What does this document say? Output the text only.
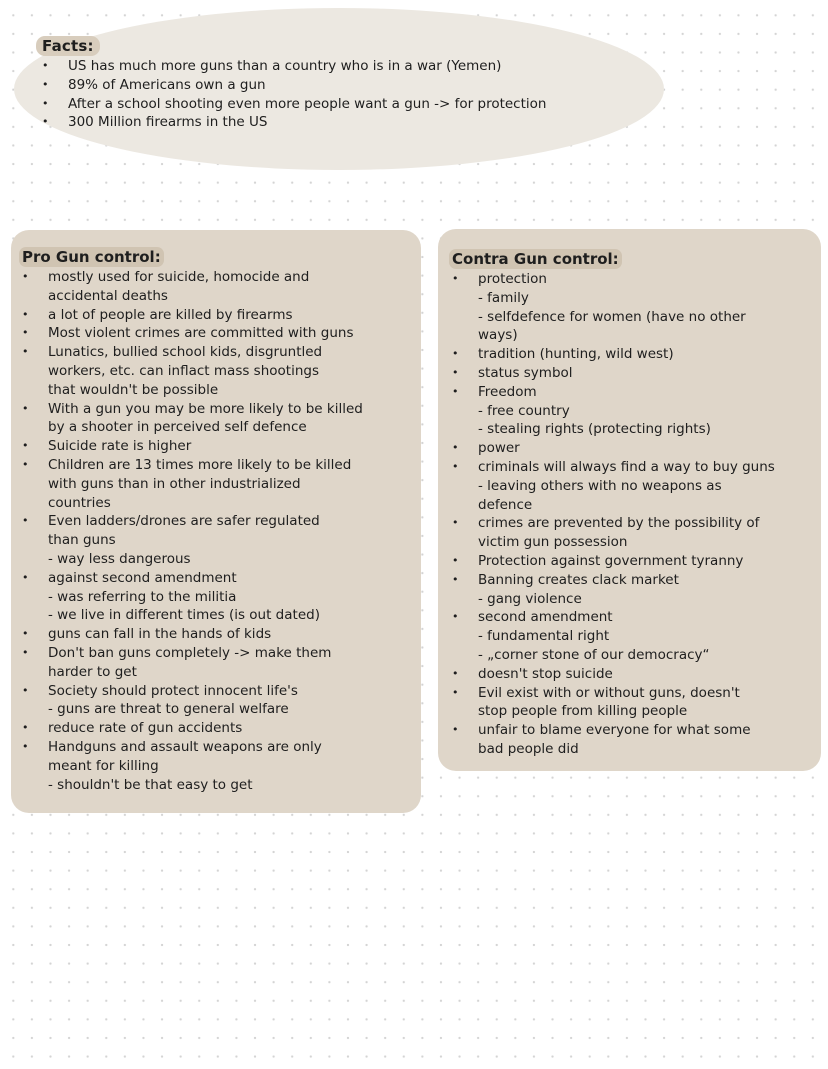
Facts:
• US has much more guns than a country who is in a war (Yemen)
• 89% of Americans own a gun
• After a school shooting even more people want a gun -> for protection
• 300 Million firearms in the US
Pro Gun control:
• mostly used for suicide, homocide and
accidental deaths
• a lot of people are killed by firearms
• Most violent crimes are committed with guns
• Lunatics, bullied school kids, disgruntled
workers, etc. can inflact mass shootings
that wouldn't be possible
• With a gun you may be more likely to be killed
by a shooter in perceived self defence
• Suicide rate is higher
• Children are 13 times more likely to be killed
with guns than in other industrialized
countries
• Even ladders/drones are safer regulated
than guns
- way less dangerous
• against second amendment
- was referring to the militia
- we live in different times (is out dated)
• guns can fall in the hands of kids
• Don't ban guns completely -> make them
harder to get
• Society should protect innocent life's
- guns are threat to general welfare
• reduce rate of gun accidents
• Handguns and assault weapons are only
meant for killing
- shouldn't be that easy to get
Contra Gun control:
• protection
- family
- selfdefence for women (have no other
ways)
• tradition (hunting, wild west)
• status symbol
• Freedom
- free country
- stealing rights (protecting rights)
• power
• criminals will always find a way to buy guns
- leaving others with no weapons as
defence
• crimes are prevented by the possibility of
victim gun possession
• Protection against government tyranny
• Banning creates clack market
- gang violence
• second amendment
- fundamental right
- „corner stone of our democracy“
• doesn't stop suicide
• Evil exist with or without guns, doesn't
stop people from killing people
• unfair to blame everyone for what some
bad people did
